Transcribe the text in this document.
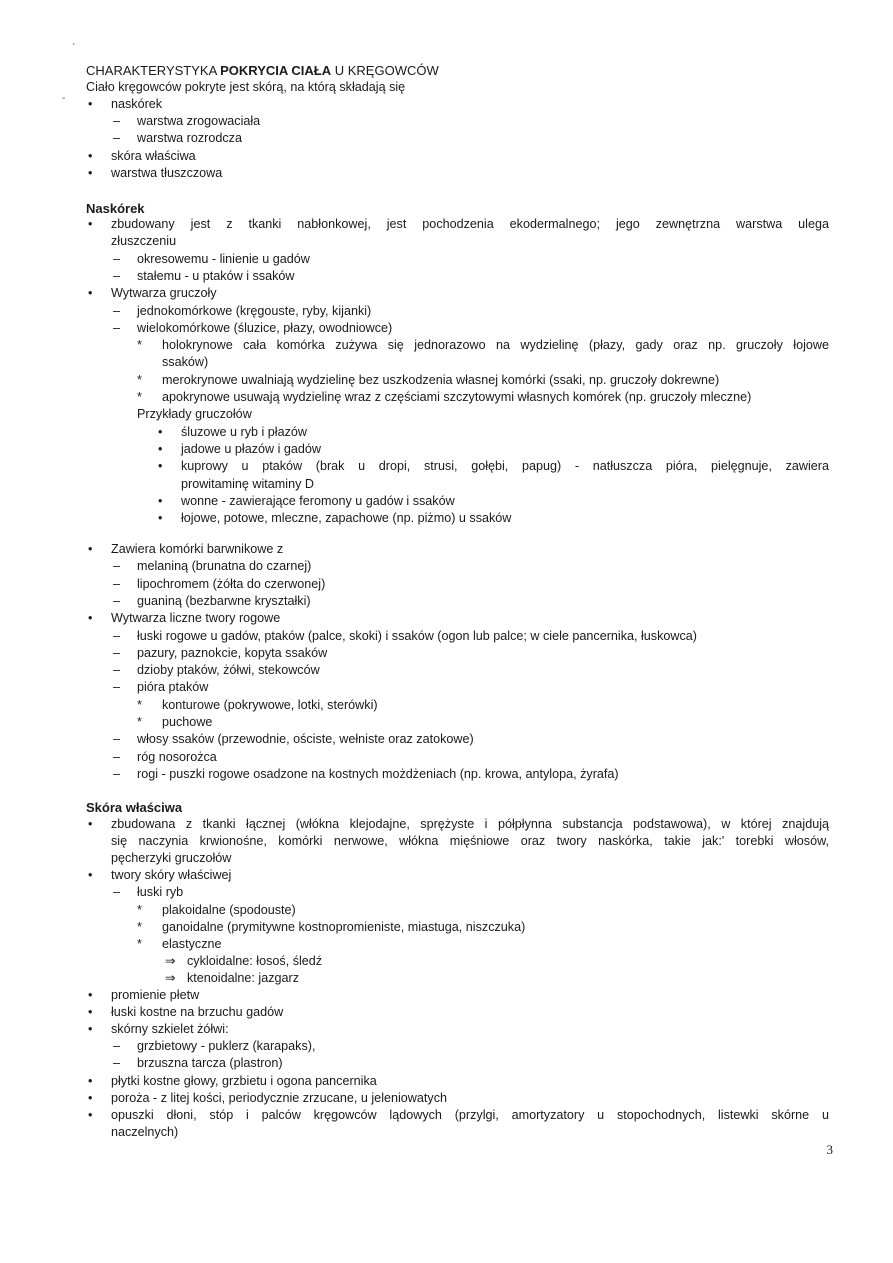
`
-
CHARAKTERYSTYKA POKRYCIA CIAŁA U KRĘGOWCÓW
Ciało kręgowców pokryte jest skórą, na którą składają się
• naskórek
– warstwa zrogowaciała
– warstwa rozrodcza
• skóra właściwa
• warstwa tłuszczowa
Naskórek
• zbudowany jest z tkanki nabłonkowej, jest pochodzenia ekodermalnego; jego zewnętrzna warstwa ulega
złuszczeniu
– okresowemu - linienie u gadów
– stałemu - u ptaków i ssaków
• Wytwarza gruczoły
– jednokomórkowe (kręgouste, ryby, kijanki)
– wielokomórkowe (śluzice, płazy, owodniowce)
* holokrynowe cała komórka zużywa się jednorazowo na wydzielinę (płazy, gady oraz np. gruczoły łojowe
ssaków)
* merokrynowe uwalniają wydzielinę bez uszkodzenia własnej komórki (ssaki, np. gruczoły dokrewne)
* apokrynowe usuwają wydzielinę wraz z częściami szczytowymi własnych komórek (np. gruczoły mleczne)
Przykłady gruczołów
• śluzowe u ryb i płazów
• jadowe u płazów i gadów
• kuprowy u ptaków (brak u dropi, strusi, gołębi, papug) - natłuszcza pióra, pielęgnuje, zawiera
prowitaminę witaminy D
• wonne - zawierające feromony u gadów i ssaków
• łojowe, potowe, mleczne, zapachowe (np. piżmo) u ssaków
• Zawiera komórki barwnikowe z
– melaniną (brunatna do czarnej)
– lipochromem (żółta do czerwonej)
– guaniną (bezbarwne kryształki)
• Wytwarza liczne twory rogowe
– łuski rogowe u gadów, ptaków (palce, skoki) i ssaków (ogon lub palce; w ciele pancernika, łuskowca)
– pazury, paznokcie, kopyta ssaków
– dzioby ptaków, żółwi, stekowców
– pióra ptaków
* konturowe (pokrywowe, lotki, sterówki)
* puchowe
– włosy ssaków (przewodnie, ościste, wełniste oraz zatokowe)
– róg nosorożca
– rogi - puszki rogowe osadzone na kostnych możdżeniach (np. krowa, antylopa, żyrafa)
Skóra właściwa
• zbudowana z tkanki łącznej (włókna klejodajne, sprężyste i półpłynna substancja podstawowa), w której znajdują
się naczynia krwionośne, komórki nerwowe, włókna mięśniowe oraz twory naskórka, takie jak:' torebki włosów,
pęcherzyki gruczołów
• twory skóry właściwej
– łuski ryb
* plakoidalne (spodouste)
* ganoidalne (prymitywne kostnopromieniste, miastuga, niszczuka)
* elastyczne
⇒ cykloidalne: łosoś, śledź
⇒ ktenoidalne: jazgarz
• promienie płetw
• łuski kostne na brzuchu gadów
• skórny szkielet żółwi:
– grzbietowy - puklerz (karapaks),
– brzuszna tarcza (plastron)
• płytki kostne głowy, grzbietu i ogona pancernika
• poroża - z litej kości, periodycznie zrzucane, u jeleniowatych
• opuszki dłoni, stóp i palców kręgowców lądowych (przylgi, amortyzatory u stopochodnych, listewki skórne u
naczelnych)
3
